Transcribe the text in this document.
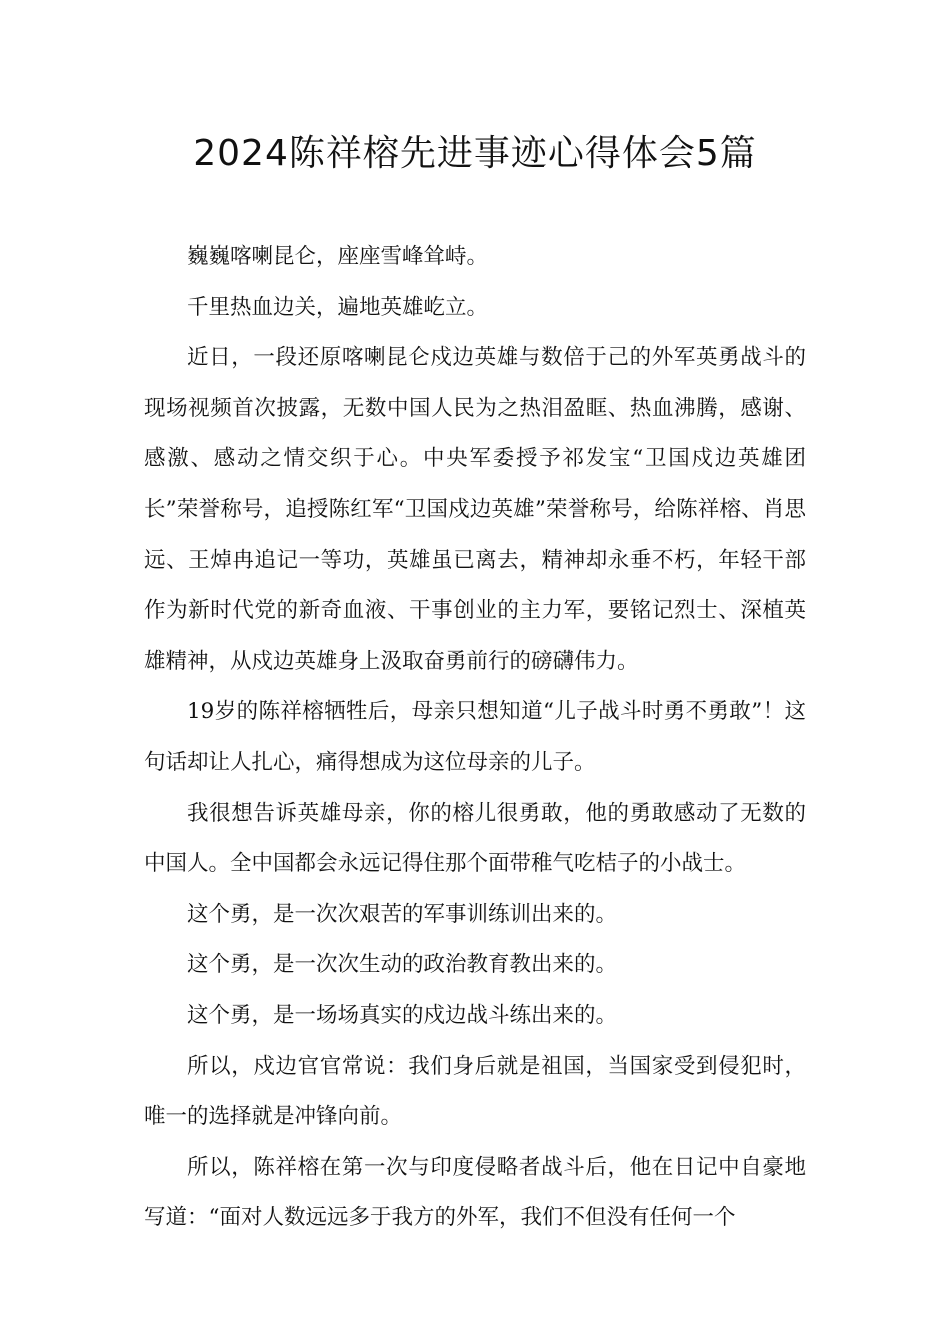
2024陈祥榕先进事迹心得体会5篇

巍巍喀喇昆仑，座座雪峰耸峙。

千里热血边关，遍地英雄屹立。

近日，一段还原喀喇昆仑戍边英雄与数倍于己的外军英勇战斗的现场视频首次披露，无数中国人民为之热泪盈眶、热血沸腾，感谢、感激、感动之情交织于心。中央军委授予祁发宝“卫国戍边英雄团长”荣誉称号，追授陈红军“卫国戍边英雄”荣誉称号，给陈祥榕、肖思远、王焯冉追记一等功，英雄虽已离去，精神却永垂不朽，年轻干部作为新时代党的新奇血液、干事创业的主力军，要铭记烈士、深植英雄精神，从戍边英雄身上汲取奋勇前行的磅礴伟力。

19岁的陈祥榕牺牲后，母亲只想知道“儿子战斗时勇不勇敢”！这句话却让人扎心，痛得想成为这位母亲的儿子。

我很想告诉英雄母亲，你的榕儿很勇敢，他的勇敢感动了无数的中国人。全中国都会永远记得住那个面带稚气吃桔子的小战士。

这个勇，是一次次艰苦的军事训练训出来的。

这个勇，是一次次生动的政治教育教出来的。

这个勇，是一场场真实的戍边战斗练出来的。

所以，戍边官官常说：我们身后就是祖国，当国家受到侵犯时，唯一的选择就是冲锋向前。

所以，陈祥榕在第一次与印度侵略者战斗后，他在日记中自豪地写道：“面对人数远远多于我方的外军，我们不但没有任何一个
